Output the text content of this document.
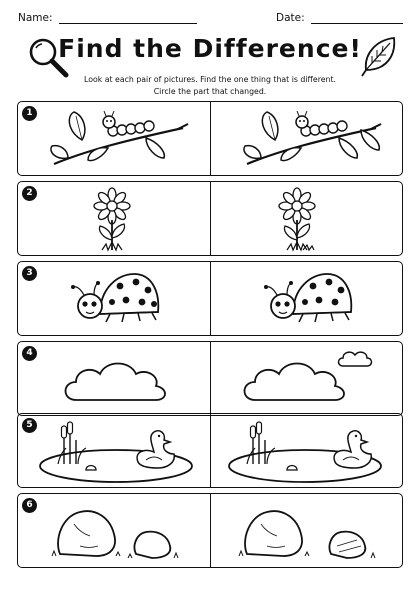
Name:	Date:
Find the Difference!
Look at each pair of pictures. Find the one thing that is different.
Circle the part that changed.
1
2
3
4
5
6
